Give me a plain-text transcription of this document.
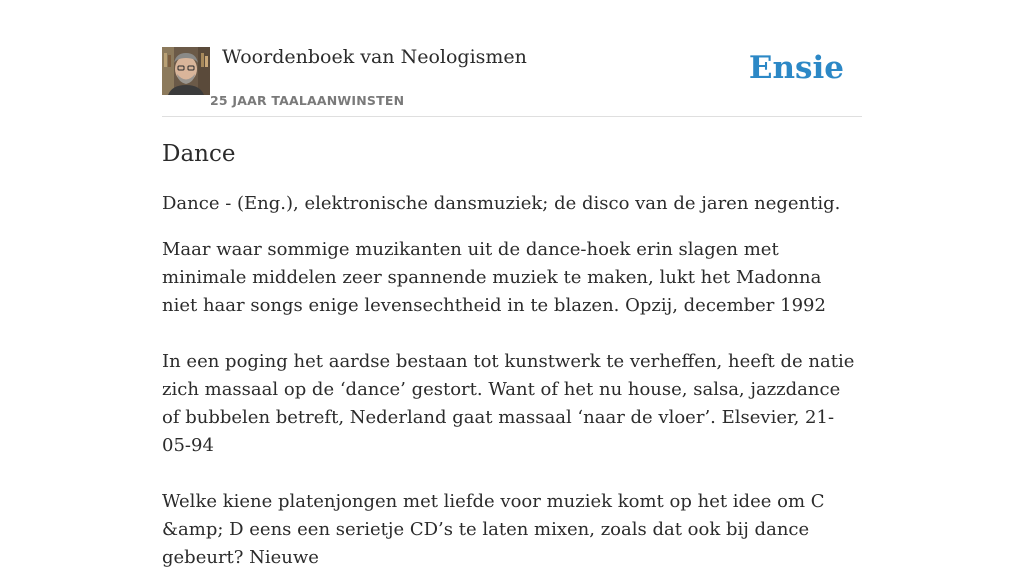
Woordenboek van Neologismen
25 JAAR TAALAANWINSTEN
Ensie
Dance

Dance - (Eng.), elektronische dansmuziek; de disco van de jaren negentig.

Maar waar sommige muzikanten uit de dance-hoek erin slagen met minimale middelen zeer spannende muziek te maken, lukt het Madonna niet haar songs enige levensechtheid in te blazen. Opzij, december 1992

In een poging het aardse bestaan tot kunstwerk te verheffen, heeft de natie zich massaal op de ‘dance’ gestort. Want of het nu house, salsa, jazzdance of bubbelen betreft, Nederland gaat massaal ‘naar de vloer’. Elsevier, 21-05-94

Welke kiene platenjongen met liefde voor muziek komt op het idee om C &amp; D eens een serietje CD’s te laten mixen, zoals dat ook bij dance gebeurt? Nieuwe
